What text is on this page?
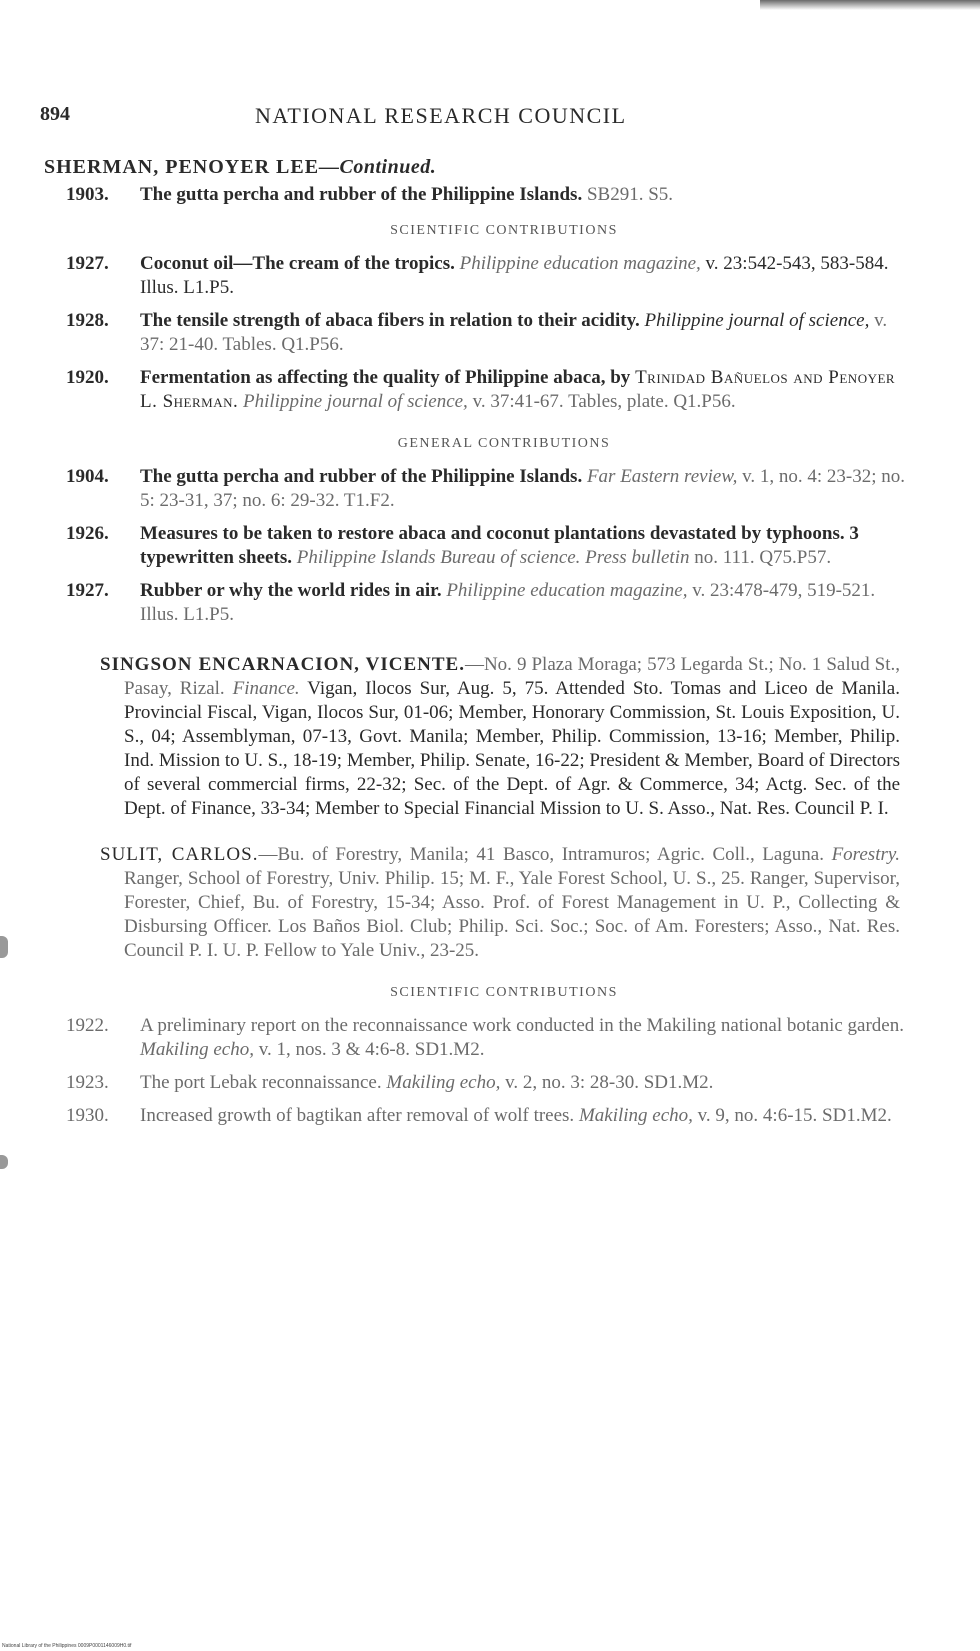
894	NATIONAL RESEARCH COUNCIL
SHERMAN, PENOYER LEE—Continued.
1903.	The gutta percha and rubber of the Philippine Islands. SB291. S5.
SCIENTIFIC CONTRIBUTIONS
1927.	Coconut oil—The cream of the tropics. Philippine education magazine, v. 23:542-543, 583-584. Illus. L1.P5.
1928.	The tensile strength of abaca fibers in relation to their acidity. Philippine journal of science, v. 37: 21-40. Tables. Q1.P56.
1920.	Fermentation as affecting the quality of Philippine abaca, by Trinidad Bañuelos and Penoyer L. Sherman. Philippine journal of science, v. 37:41-67. Tables, plate. Q1.P56.
GENERAL CONTRIBUTIONS
1904.	The gutta percha and rubber of the Philippine Islands. Far Eastern review, v. 1, no. 4: 23-32; no. 5: 23-31, 37; no. 6: 29-32. T1.F2.
1926.	Measures to be taken to restore abaca and coconut plantations devastated by typhoons. 3 typewritten sheets. Philippine Islands Bureau of science. Press bulletin no. 111. Q75.P57.
1927.	Rubber or why the world rides in air. Philippine education magazine, v. 23:478-479, 519-521. Illus. L1.P5.
SINGSON ENCARNACION, VICENTE.—No. 9 Plaza Moraga; 573 Legarda St.; No. 1 Salud St., Pasay, Rizal. Finance. Vigan, Ilocos Sur, Aug. 5, 75. Attended Sto. Tomas and Liceo de Manila. Provincial Fiscal, Vigan, Ilocos Sur, 01-06; Member, Honorary Commission, St. Louis Exposition, U. S., 04; Assemblyman, 07-13, Govt. Manila; Member, Philip. Commission, 13-16; Member, Philip. Ind. Mission to U. S., 18-19; Member, Philip. Senate, 16-22; President & Member, Board of Directors of several commercial firms, 22-32; Sec. of the Dept. of Agr. & Commerce, 34; Actg. Sec. of the Dept. of Finance, 33-34; Member to Special Financial Mission to U. S. Asso., Nat. Res. Council P. I.
SULIT, CARLOS.—Bu. of Forestry, Manila; 41 Basco, Intramuros; Agric. Coll., Laguna. Forestry. Ranger, School of Forestry, Univ. Philip. 15; M. F., Yale Forest School, U. S., 25. Ranger, Supervisor, Forester, Chief, Bu. of Forestry, 15-34; Asso. Prof. of Forest Management in U. P., Collecting & Disbursing Officer. Los Baños Biol. Club; Philip. Sci. Soc.; Soc. of Am. Foresters; Asso., Nat. Res. Council P. I. U. P. Fellow to Yale Univ., 23-25.
SCIENTIFIC CONTRIBUTIONS
1922.	A preliminary report on the reconnaissance work conducted in the Makiling national botanic garden. Makiling echo, v. 1, nos. 3 & 4:6-8. SD1.M2.
1923.	The port Lebak reconnaissance. Makiling echo, v. 2, no. 3: 28-30. SD1.M2.
1930.	Increased growth of bagtikan after removal of wolf trees. Makiling echo, v. 9, no. 4:6-15. SD1.M2.
National Library of the Philippines 0009P0001146009H0.tif
